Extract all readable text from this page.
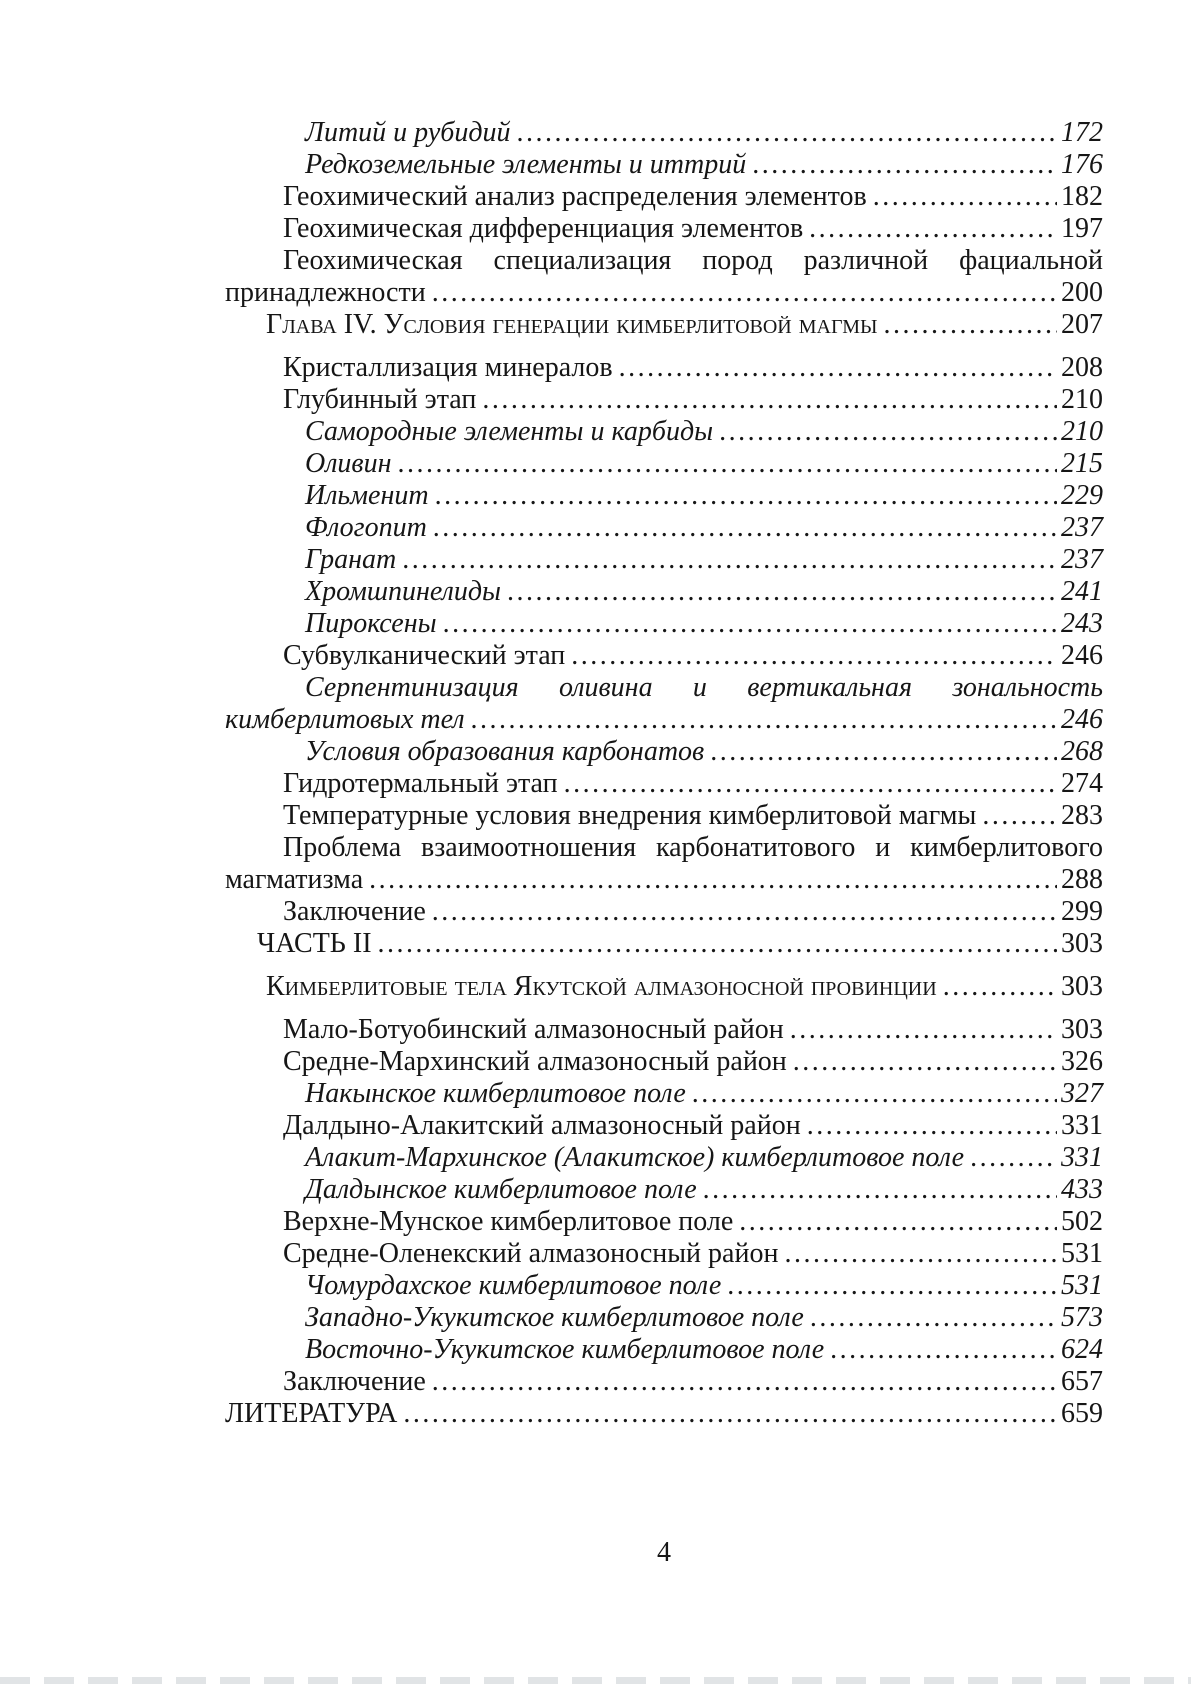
Литий и рубидий .....	172
Редкоземельные элементы и иттрий .....	176
Геохимический анализ распределения элементов .....	182
Геохимическая дифференциация элементов .....	197
Геохимическая специализация пород различной фациальной
принадлежности .....	200
Глава IV. Условия генерации кимберлитовой магмы .....	207
Кристаллизация минералов .....	208
Глубинный этап .....	210
Самородные элементы и карбиды .....	210
Оливин .....	215
Ильменит .....	229
Флогопит .....	237
Гранат .....	237
Хромшпинелиды .....	241
Пироксены .....	243
Субвулканический этап .....	246
Серпентинизация оливина и вертикальная зональность
кимберлитовых тел .....	246
Условия образования карбонатов .....	268
Гидротермальный этап .....	274
Температурные условия внедрения кимберлитовой магмы .....	283
Проблема взаимоотношения карбонатитового и кимберлитового
магматизма .....	288
Заключение .....	299
ЧАСТЬ II .....	303
Кимберлитовые тела Якутской алмазоносной провинции .....	303
Мало-Ботуобинский алмазоносный район .....	303
Средне-Мархинский алмазоносный район .....	326
Накынское кимберлитовое поле .....	327
Далдыно-Алакитский алмазоносный район .....	331
Алакит-Мархинское (Алакитское) кимберлитовое поле .....	331
Далдынское кимберлитовое поле .....	433
Верхне-Мунское кимберлитовое поле .....	502
Средне-Оленекский алмазоносный район .....	531
Чомурдахское кимберлитовое поле .....	531
Западно-Укукитское кимберлитовое поле .....	573
Восточно-Укукитское кимберлитовое поле .....	624
Заключение .....	657
ЛИТЕРАТУРА .....	659
4
